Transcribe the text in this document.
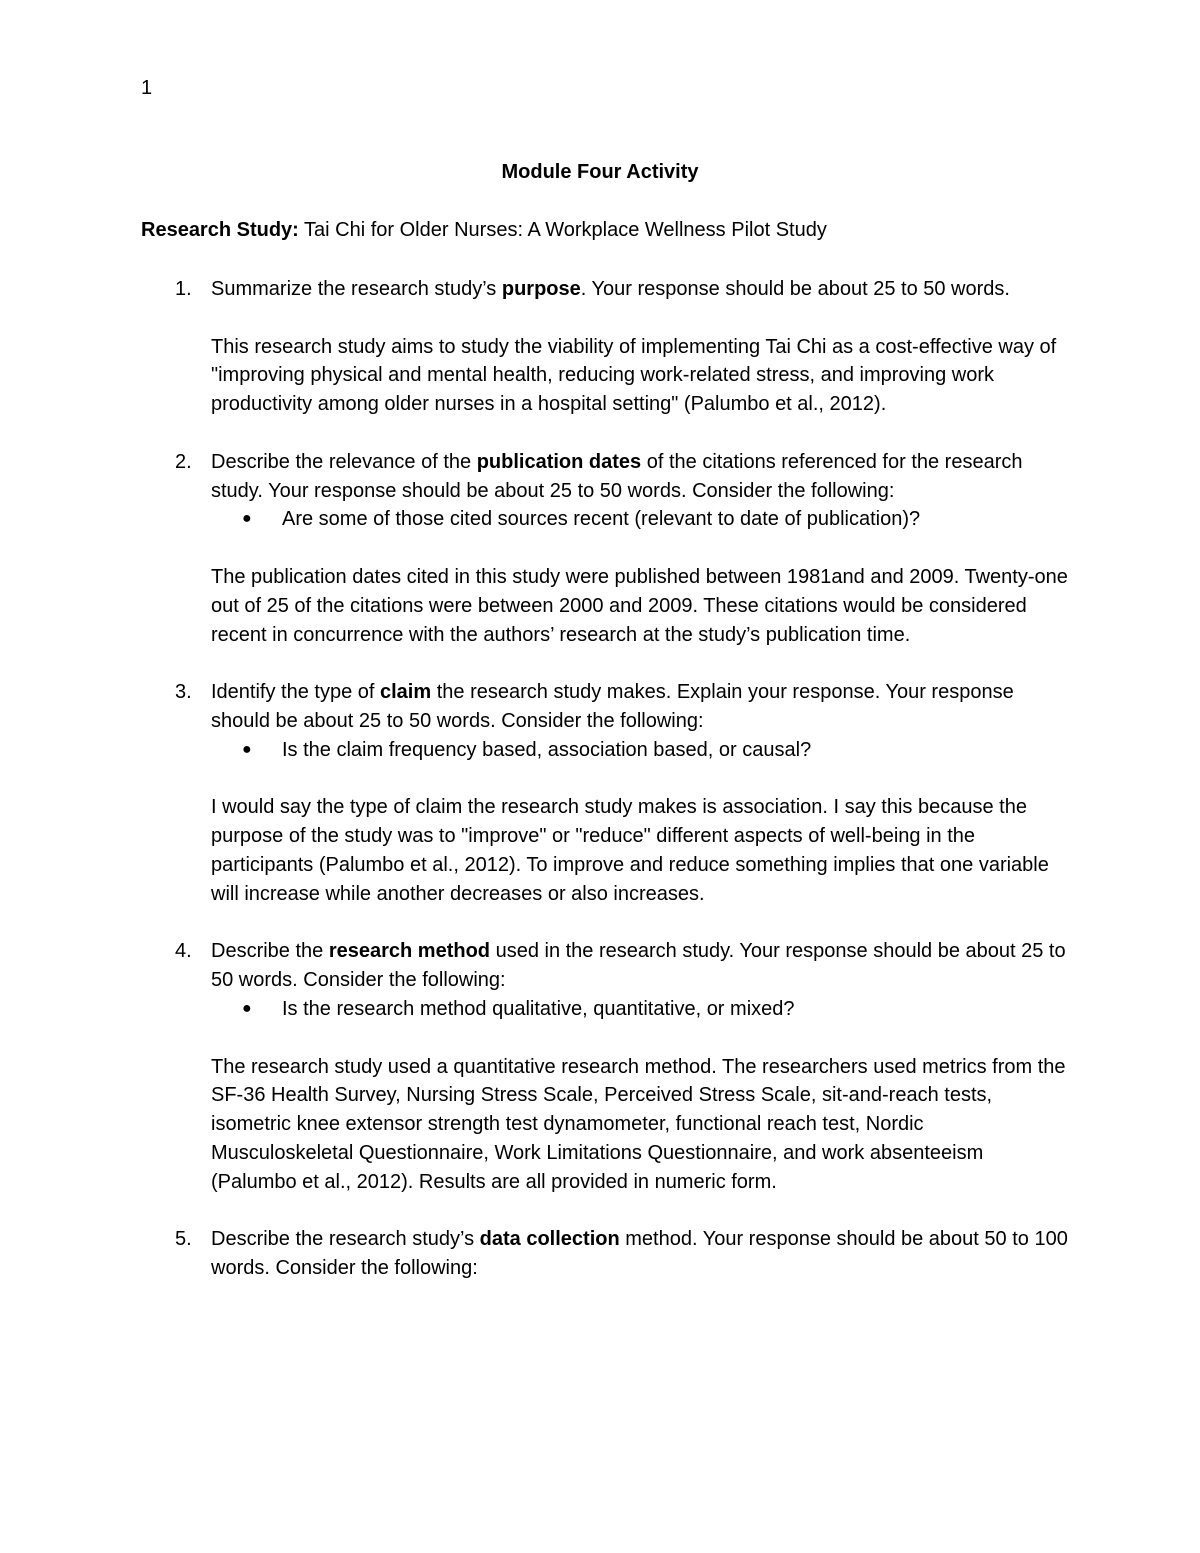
1
Module Four Activity
Research Study: Tai Chi for Older Nurses: A Workplace Wellness Pilot Study
1. Summarize the research study’s purpose. Your response should be about 25 to 50 words.
This research study aims to study the viability of implementing Tai Chi as a cost-effective way of "improving physical and mental health, reducing work-related stress, and improving work productivity among older nurses in a hospital setting" (Palumbo et al., 2012).
2. Describe the relevance of the publication dates of the citations referenced for the research study. Your response should be about 25 to 50 words. Consider the following:
● Are some of those cited sources recent (relevant to date of publication)?
The publication dates cited in this study were published between 1981and and 2009. Twenty-one out of 25 of the citations were between 2000 and 2009. These citations would be considered recent in concurrence with the authors’ research at the study’s publication time.
3. Identify the type of claim the research study makes. Explain your response. Your response should be about 25 to 50 words. Consider the following:
● Is the claim frequency based, association based, or causal?
I would say the type of claim the research study makes is association. I say this because the purpose of the study was to "improve" or "reduce" different aspects of well-being in the participants (Palumbo et al., 2012). To improve and reduce something implies that one variable will increase while another decreases or also increases.
4. Describe the research method used in the research study. Your response should be about 25 to 50 words. Consider the following:
● Is the research method qualitative, quantitative, or mixed?
The research study used a quantitative research method. The researchers used metrics from the SF-36 Health Survey, Nursing Stress Scale, Perceived Stress Scale, sit-and-reach tests, isometric knee extensor strength test dynamometer, functional reach test, Nordic Musculoskeletal Questionnaire, Work Limitations Questionnaire, and work absenteeism (Palumbo et al., 2012). Results are all provided in numeric form.
5. Describe the research study’s data collection method. Your response should be about 50 to 100 words. Consider the following:
